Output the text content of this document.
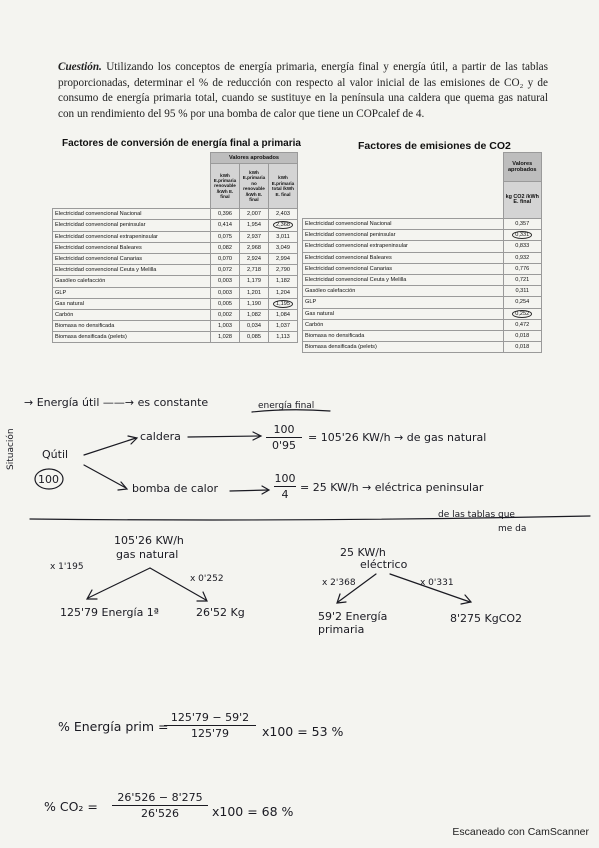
Cuestión. Utilizando los conceptos de energía primaria, energía final y energía útil, a partir de las tablas proporcionadas, determinar el % de reducción con respecto al valor inicial de las emisiones de CO₂ y de consumo de energía primaria total, cuando se sustituye en la península una caldera que quema gas natural con un rendimiento del 95 % por una bomba de calor que tiene un COPcalef de 4.
Factores de conversión de energía final a primaria
	Valores aprobados		
	kWh E.primaria renovable /kWh E. final	kWh E.primaria no renovable /kWh E. final	kWh E.primaria total /kWh E. final
Electricidad convencional Nacional	0,396	2,007	2,403
Electricidad convencional peninsular	0,414	1,954	2,368
Electricidad convencional extrapeninsular	0,075	2,937	3,011
Electricidad convencional Baleares	0,082	2,968	3,049
Electricidad convencional Canarias	0,070	2,924	2,994
Electricidad convencional Ceuta y Melilla	0,072	2,718	2,790
Gasóleo calefacción	0,003	1,179	1,182
GLP	0,003	1,201	1,204
Gas natural	0,005	1,190	1,195
Carbón	0,002	1,082	1,084
Biomasa no densificada	1,003	0,034	1,037
Biomasa densificada (pelets)	1,028	0,085	1,113
Factores de emisiones de CO2
	Valores aprobados
	kg CO2 /kWh E. final
Electricidad convencional Nacional	0,357
Electricidad convencional peninsular	0,331
Electricidad convencional extrapeninsular	0,833
Electricidad convencional Baleares	0,932
Electricidad convencional Canarias	0,776
Electricidad convencional Ceuta y Melilla	0,721
Gasóleo calefacción	0,311
GLP	0,254
Gas natural	0,252
Carbón	0,472
Biomasa no densificada	0,018
Biomasa densificada (pelets)	0,018
→ Energía útil ——→ es constante	energía final
Situación Qútil
100
caldera
bomba de calor
100
0'95
= 105'26 KW/h → de gas natural
100
4
= 25 KW/h → eléctrica peninsular
de las tablas que
me da
105'26 KW/h
gas natural
x 1'195
x 0'252
125'79 Energía 1ª	26'52 Kg
25 KW/h
eléctrico
x 2'368	x 0'331
59'2 Energía primaria
8'275 KgCO2
% Energía prim =
125'79 − 59'2
125'79	x100 = 53 %
% CO₂ =
26'526 − 8'275
26'526	x100 = 68 %
Escaneado con CamScanner
